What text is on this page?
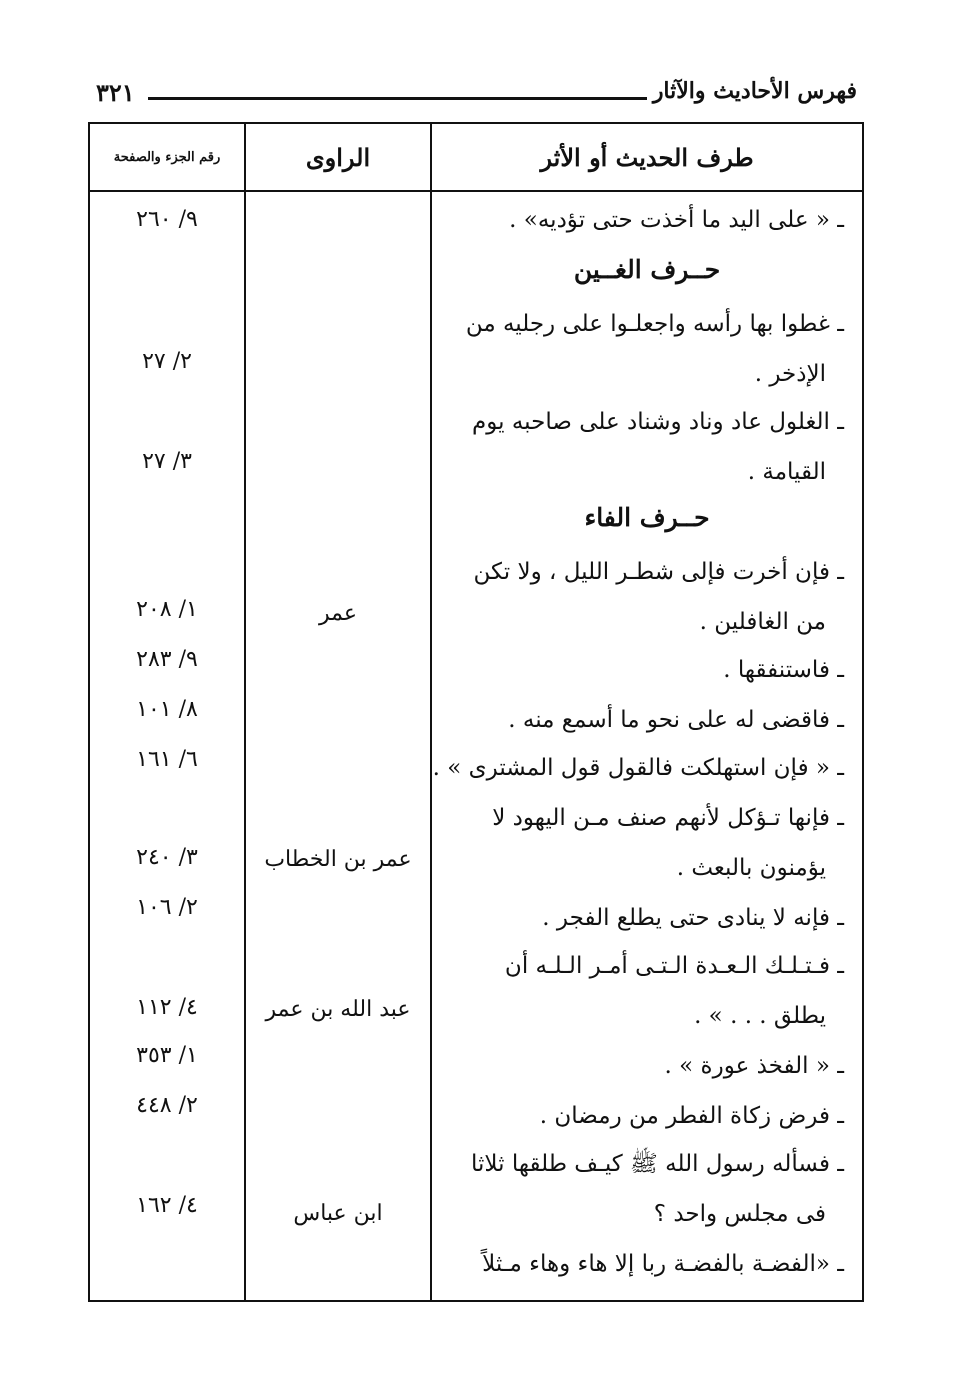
٣٢١	فهرس الأحاديث والآثار
طرف الحديث أو الأثر
الراوى
رقم الجزء والصفحة
ـ « على اليد ما أخذت حتى تؤديه» .
٩/ ٢٦٠
حــرف الغــين
ـ غطوا بها رأسه واجعلـوا على رجليه من
الإذخر .
٢/ ٢٧
ـ الغلول عاد وناد وشناد على صاحبه يوم
القيامة .
٣/ ٢٧
حــرف الفاء
ـ فإن أخرت فإلى شطـر الليل ، ولا تكن
من الغافلين .
عمر
١/ ٢٠٨
ـ فاستنفقها .
٩/ ٢٨٣
ـ فاقضى له على نحو ما أسمع منه .
٨/ ١٠١
ـ « فإن استهلكت فالقول قول المشترى » .
٦/ ١٦١
ـ فإنها تـؤكل لأنهم صنف مـن اليهود لا
يؤمنون بالبعث .
عمر بن الخطاب
٣/ ٢٤٠
ـ فإنه لا ينادى حتى يطلع الفجر .
٢/ ١٠٦
ـ فـتـلـك الـعـدة الـتـى أمـر الـلـه أن
يطلق . . . » .
عبد الله بن عمر
٤/ ١١٢
ـ « الفخذ عورة » .
١/ ٣٥٣
ـ فرض زكاة الفطر من رمضان .
٢/ ٤٤٨
ـ فسأله رسول الله ﷺ كيـف طلقها ثلاثا
فى مجلس واحد ؟
ابن عباس
٤/ ١٦٢
ـ «الفضـة بالفضـة ربا إلا هاء وهاء مـثلاً
